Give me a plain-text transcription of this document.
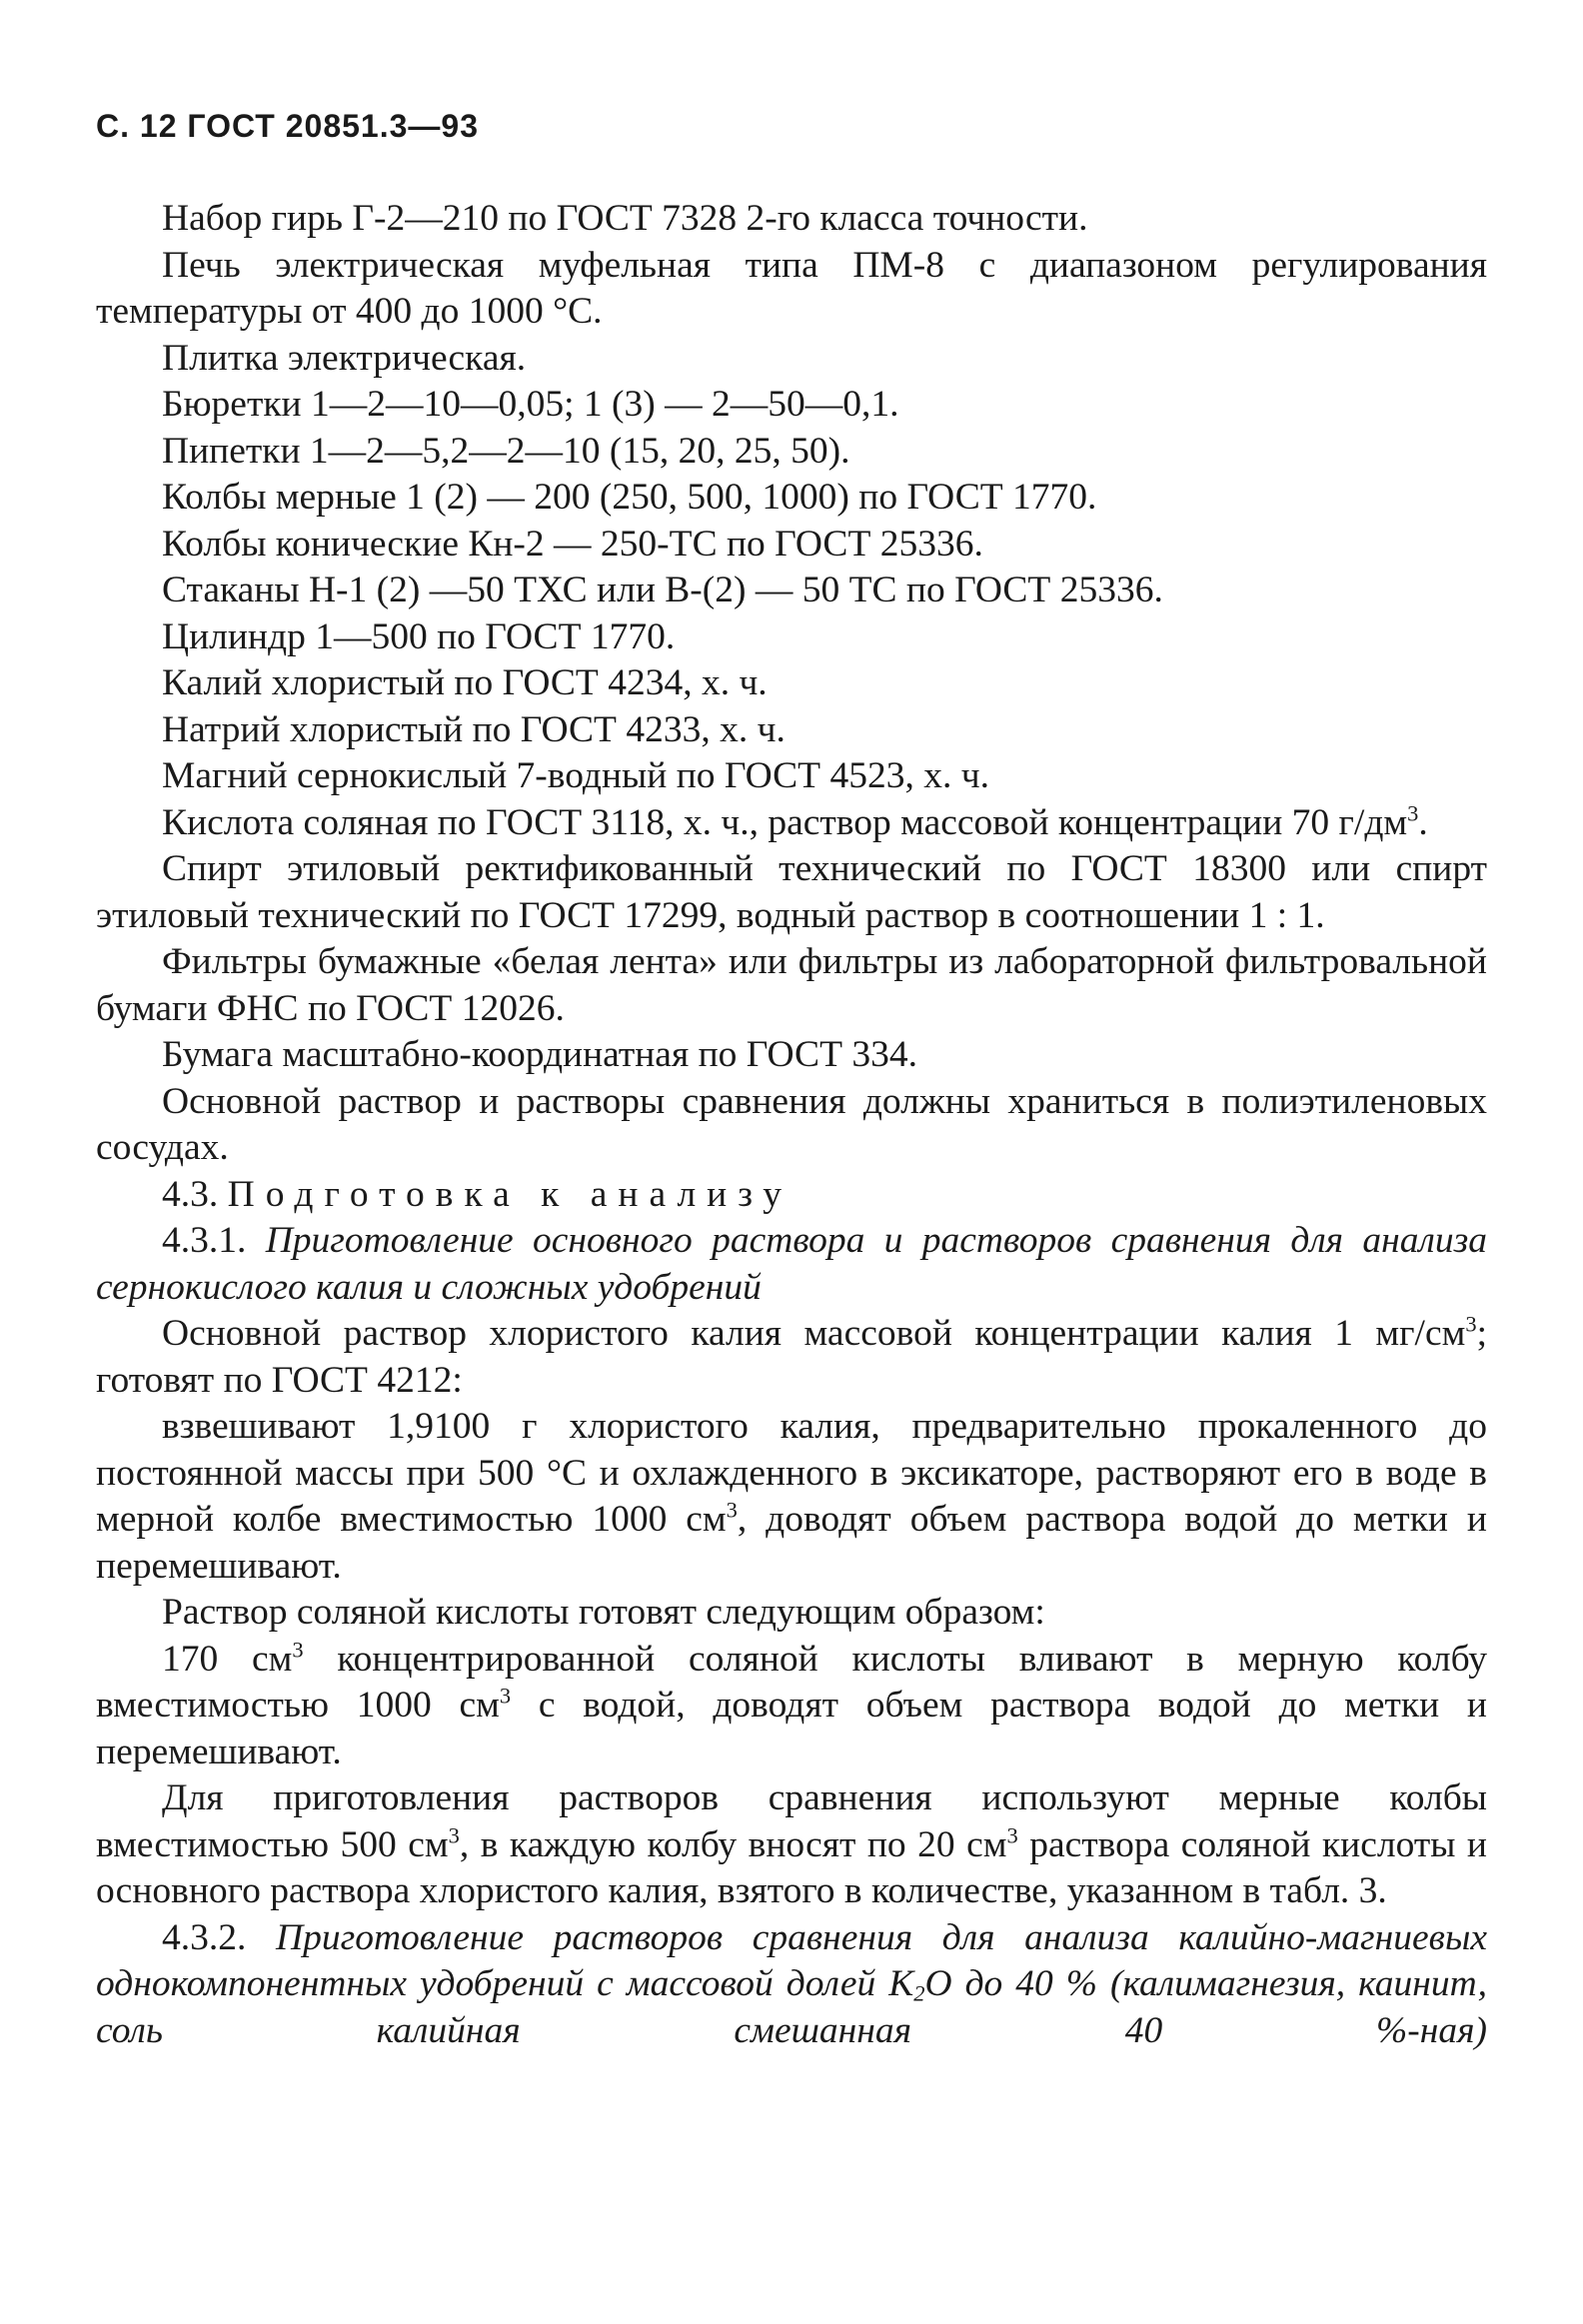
С. 12 ГОСТ 20851.3—93

Набор гирь Г-2—210 по ГОСТ 7328 2-го класса точности.

Печь электрическая муфельная типа ПМ-8 с диапазоном регулирования температуры от 400 до 1000 °С.

Плитка электрическая.

Бюретки 1—2—10—0,05; 1 (3) — 2—50—0,1.

Пипетки 1—2—5,2—2—10 (15, 20, 25, 50).

Колбы мерные 1 (2) — 200 (250, 500, 1000) по ГОСТ 1770.

Колбы конические Кн-2 — 250-ТС по ГОСТ 25336.

Стаканы Н-1 (2) —50 ТХС или В-(2) — 50 ТС по ГОСТ 25336.

Цилиндр 1—500 по ГОСТ 1770.

Калий хлористый по ГОСТ 4234, х. ч.

Натрий хлористый по ГОСТ 4233, х. ч.

Магний сернокислый 7-водный по ГОСТ 4523, х. ч.

Кислота соляная по ГОСТ 3118, х. ч., раствор массовой концентрации 70 $г/дм^3$.

Спирт этиловый ректификованный технический по ГОСТ 18300 или спирт этиловый технический по ГОСТ 17299, водный раствор в соотношении 1 : 1.

Фильтры бумажные «белая лента» или фильтры из лабораторной фильтровальной бумаги ФНС по ГОСТ 12026.

Бумага масштабно-координатная по ГОСТ 334.

Основной раствор и растворы сравнения должны храниться в полиэтиленовых сосудах.

4.3. Подготовка к анализу

4.3.1. Приготовление основного раствора и растворов сравнения для анализа сернокислого калия и сложных удобрений

Основной раствор хлористого калия массовой концентрации калия 1 $мг/см^3$; готовят по ГОСТ 4212:

взвешивают 1,9100 г хлористого калия, предварительно прокаленного до постоянной массы при 500 °С и охлажденного в эксикаторе, растворяют его в воде в мерной колбе вместимостью 1000 $см^3$, доводят объем раствора водой до метки и перемешивают.

Раствор соляной кислоты готовят следующим образом:

170 $см^3$ концентрированной соляной кислоты вливают в мерную колбу вместимостью 1000 $см^3$ с водой, доводят объем раствора водой до метки и перемешивают.

Для приготовления растворов сравнения используют мерные колбы вместимостью 500 $см^3$, в каждую колбу вносят по 20 $см^3$ раствора соляной кислоты и основного раствора хлористого калия, взятого в количестве, указанном в табл. 3.

4.3.2. Приготовление растворов сравнения для анализа калийно-магниевых однокомпонентных удобрений с массовой долей $K_2О$ до 40 % (калимагнезия, каинит, соль калийная смешанная 40 %-ная)
